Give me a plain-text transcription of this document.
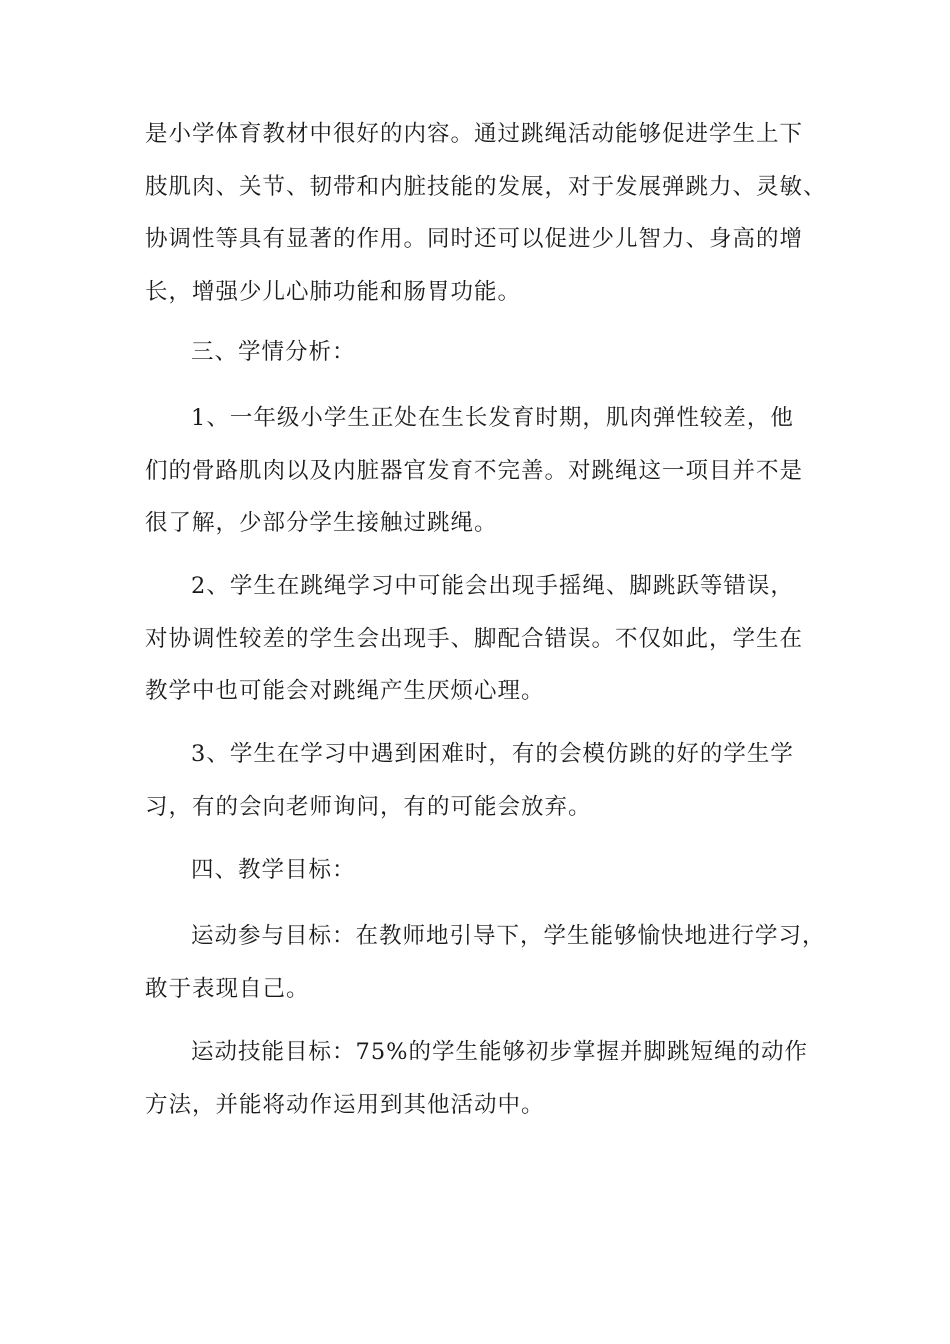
是小学体育教材中很好的内容。通过跳绳活动能够促进学生上下
肢肌肉、关节、韧带和内脏技能的发展，对于发展弹跳力、灵敏、
协调性等具有显著的作用。同时还可以促进少儿智力、身高的增
长，增强少儿心肺功能和肠胃功能。
三、学情分析：
1、一年级小学生正处在生长发育时期，肌肉弹性较差，他
们的骨路肌肉以及内脏器官发育不完善。对跳绳这一项目并不是
很了解，少部分学生接触过跳绳。
2、学生在跳绳学习中可能会出现手摇绳、脚跳跃等错误，
对协调性较差的学生会出现手、脚配合错误。不仅如此，学生在
教学中也可能会对跳绳产生厌烦心理。
3、学生在学习中遇到困难时，有的会模仿跳的好的学生学
习，有的会向老师询问，有的可能会放弃。
四、教学目标：
运动参与目标：在教师地引导下，学生能够愉快地进行学习，
敢于表现自己。
运动技能目标：75%的学生能够初步掌握并脚跳短绳的动作
方法，并能将动作运用到其他活动中。
